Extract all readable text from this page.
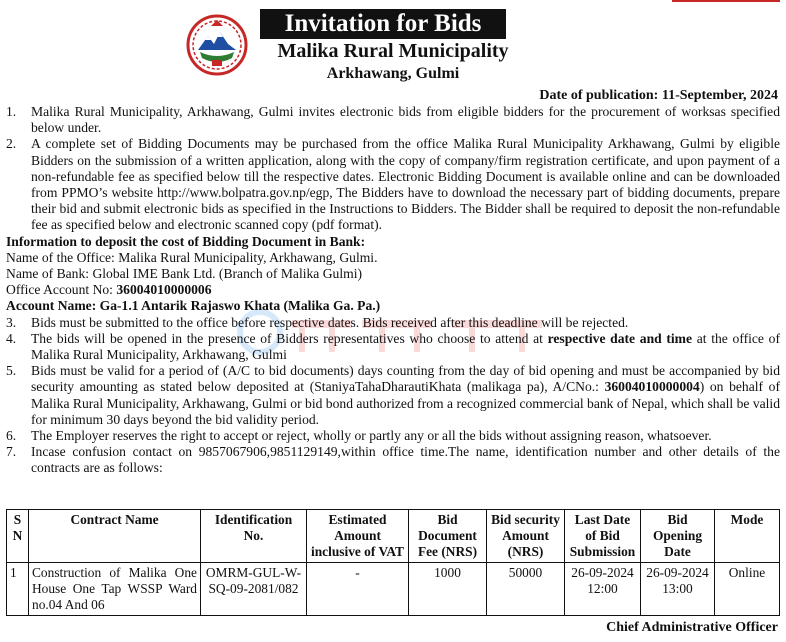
Invitation for Bids
Malika Rural Municipality
Arkhawang, Gulmi
Date of publication: 11-September, 2024
1.	Malika Rural Municipality, Arkhawang, Gulmi invites electronic bids from eligible bidders for the procurement of worksas specified below under.
2.	A complete set of Bidding Documents may be purchased from the office Malika Rural Municipality Arkhawang, Gulmi by eligible Bidders on the submission of a written application, along with the copy of company/firm registration certificate, and upon payment of a non-refundable fee as specified below till the respective dates. Electronic Bidding Document is available online and can be downloaded from PPMO’s website http://www.bolpatra.gov.np/egp, The Bidders have to download the necessary part of bidding documents, prepare their bid and submit electronic bids as specified in the Instructions to Bidders. The Bidder shall be required to deposit the non-refundable fee as specified below and electronic scanned copy (pdf format).
Information to deposit the cost of Bidding Document in Bank:
Name of the Office: Malika Rural Municipality, Arkhawang, Gulmi.
Name of Bank: Global IME Bank Ltd. (Branch of Malika Gulmi)
Office Account No: 36004010000006
Account Name: Ga-1.1 Antarik Rajaswo Khata (Malika Ga. Pa.)
3.	Bids must be submitted to the office before respective dates. Bids received after this deadline will be rejected.
4.	The bids will be opened in the presence of Bidders representatives who choose to attend at respective date and time at the office of Malika Rural Municipality, Arkhawang, Gulmi
5.	Bids must be valid for a period of (A/C to bid documents) days counting from the day of bid opening and must be accompanied by bid security amounting as stated below deposited at (StaniyaTahaDharautiKhata (malikaga pa), A/CNo.: 36004010000004) on behalf of Malika Rural Municipality, Arkhawang, Gulmi or bid bond authorized from a recognized commercial bank of Nepal, which shall be valid for minimum 30 days beyond the bid validity period.
6.	The Employer reserves the right to accept or reject, wholly or partly any or all the bids without assigning reason, whatsoever.
7.	Incase confusion contact on 9857067906,9851129149,within office time.The name, identification number and other details of the contracts are as follows:
S N	Contract Name	Identification No.	Estimated Amount inclusive of VAT	Bid Document Fee (NRS)	Bid security Amount (NRS)	Last Date of Bid Submission	Bid Opening Date	Mode
1	Construction of Malika One House One Tap WSSP Ward no.04 And 06	OMRM-GUL-W-SQ-09-2081/082	-	1000	50000	26-09-2024 12:00	26-09-2024 13:00	Online
Chief Administrative Officer
